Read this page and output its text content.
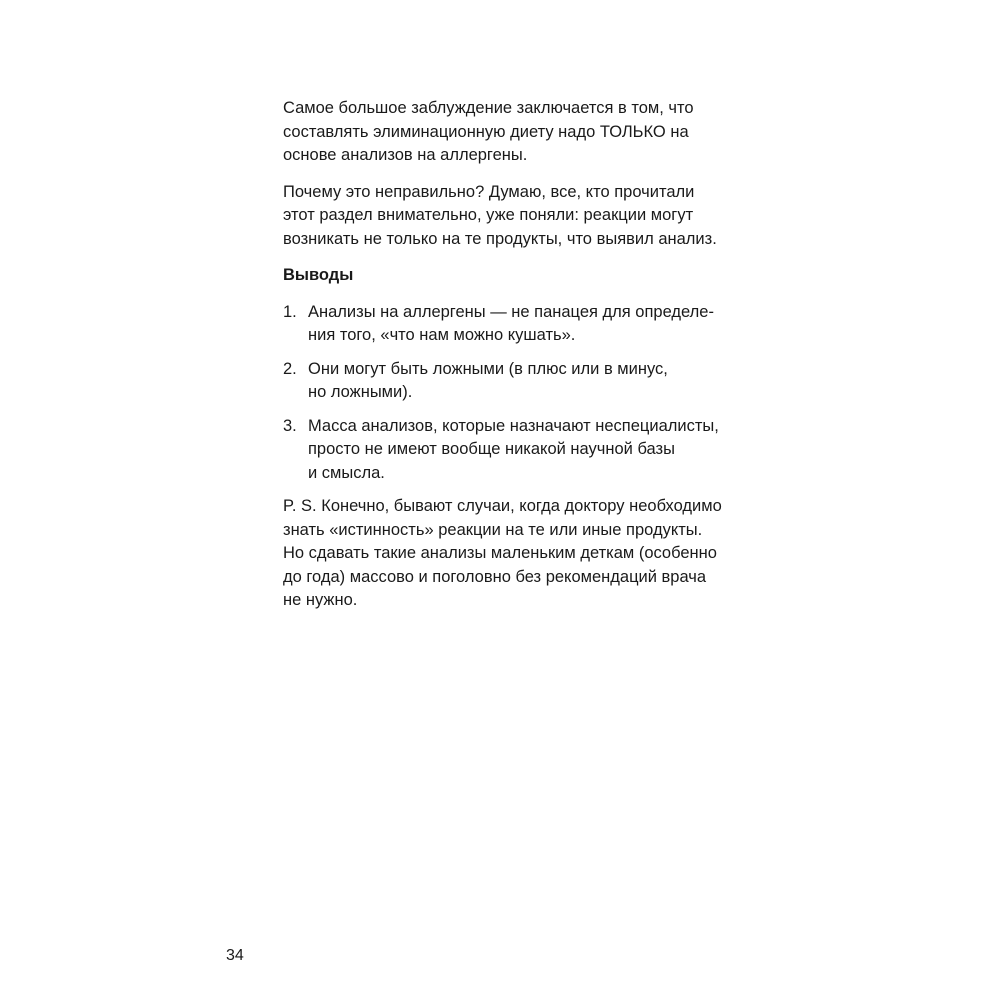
Самое большое заблуждение заключается в том, что
составлять элиминационную диету надо ТОЛЬКО на
основе анализов на аллергены.

Почему это неправильно? Думаю, все, кто прочитали
этот раздел внимательно, уже поняли: реакции могут
возникать не только на те продукты, что выявил анализ.

Выводы
1. Анализы на аллергены — не панацея для определе-
ния того, «что нам можно кушать».
2. Они могут быть ложными (в плюс или в минус,
но ложными).
3. Масса анализов, которые назначают неспециалисты,
просто не имеют вообще никакой научной базы
и смысла.

P. S. Конечно, бывают случаи, когда доктору необходимо
знать «истинность» реакции на те или иные продукты.
Но сдавать такие анализы маленьким деткам (особенно
до года) массово и поголовно без рекомендаций врача
не нужно.

34
